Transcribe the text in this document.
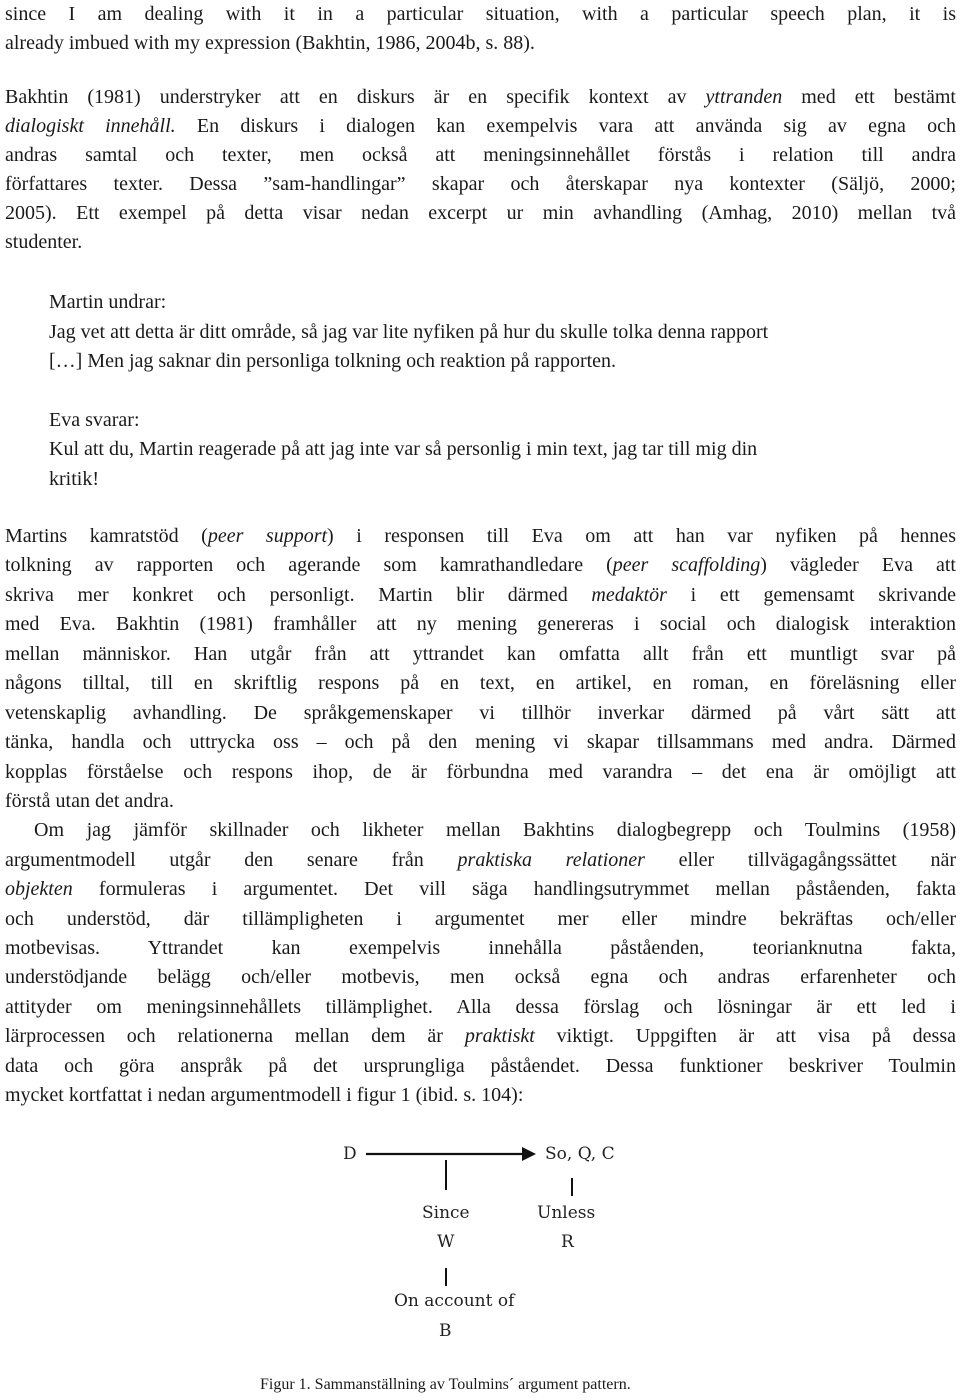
since I am dealing with it in a particular situation, with a particular speech plan, it is
already imbued with my expression (Bakhtin, 1986, 2004b, s. 88).
Bakhtin (1981) understryker att en diskurs är en specifik kontext av yttranden med ett bestämt
dialogiskt innehåll. En diskurs i dialogen kan exempelvis vara att använda sig av egna och
andras samtal och texter, men också att meningsinnehållet förstås i relation till andra
författares texter. Dessa ”sam-handlingar” skapar och återskapar nya kontexter (Säljö, 2000;
2005). Ett exempel på detta visar nedan excerpt ur min avhandling (Amhag, 2010) mellan två
studenter.
Martin undrar:
Jag vet att detta är ditt område, så jag var lite nyfiken på hur du skulle tolka denna rapport
[…] Men jag saknar din personliga tolkning och reaktion på rapporten.
Eva svarar:
Kul att du, Martin reagerade på att jag inte var så personlig i min text, jag tar till mig din
kritik!
Martins kamratstöd (peer support) i responsen till Eva om att han var nyfiken på hennes
tolkning av rapporten och agerande som kamrathandledare (peer scaffolding) vägleder Eva att
skriva mer konkret och personligt. Martin blir därmed medaktör i ett gemensamt skrivande
med Eva. Bakhtin (1981) framhåller att ny mening genereras i social och dialogisk interaktion
mellan människor. Han utgår från att yttrandet kan omfatta allt från ett muntligt svar på
någons tilltal, till en skriftlig respons på en text, en artikel, en roman, en föreläsning eller
vetenskaplig avhandling. De språkgemenskaper vi tillhör inverkar därmed på vårt sätt att
tänka, handla och uttrycka oss – och på den mening vi skapar tillsammans med andra. Därmed
kopplas förståelse och respons ihop, de är förbundna med varandra – det ena är omöjligt att
förstå utan det andra.
Om jag jämför skillnader och likheter mellan Bakhtins dialogbegrepp och Toulmins (1958)
argumentmodell utgår den senare från praktiska relationer eller tillvägagångssättet när
objekten formuleras i argumentet. Det vill säga handlingsutrymmet mellan påståenden, fakta
och understöd, där tillämpligheten i argumentet mer eller mindre bekräftas och/eller
motbevisas. Yttrandet kan exempelvis innehålla påståenden, teorianknutna fakta,
understödjande belägg och/eller motbevis, men också egna och andras erfarenheter och
attityder om meningsinnehållets tillämplighet. Alla dessa förslag och lösningar är ett led i
lärprocessen och relationerna mellan dem är praktiskt viktigt. Uppgiften är att visa på dessa
data och göra anspråk på det ursprungliga påståendet. Dessa funktioner beskriver Toulmin
mycket kortfattat i nedan argumentmodell i figur 1 (ibid. s. 104):
D	So, Q, C
Since
W
Unless
R
On account of
B
Figur 1. Sammanställning av Toulmins´ argument pattern.
